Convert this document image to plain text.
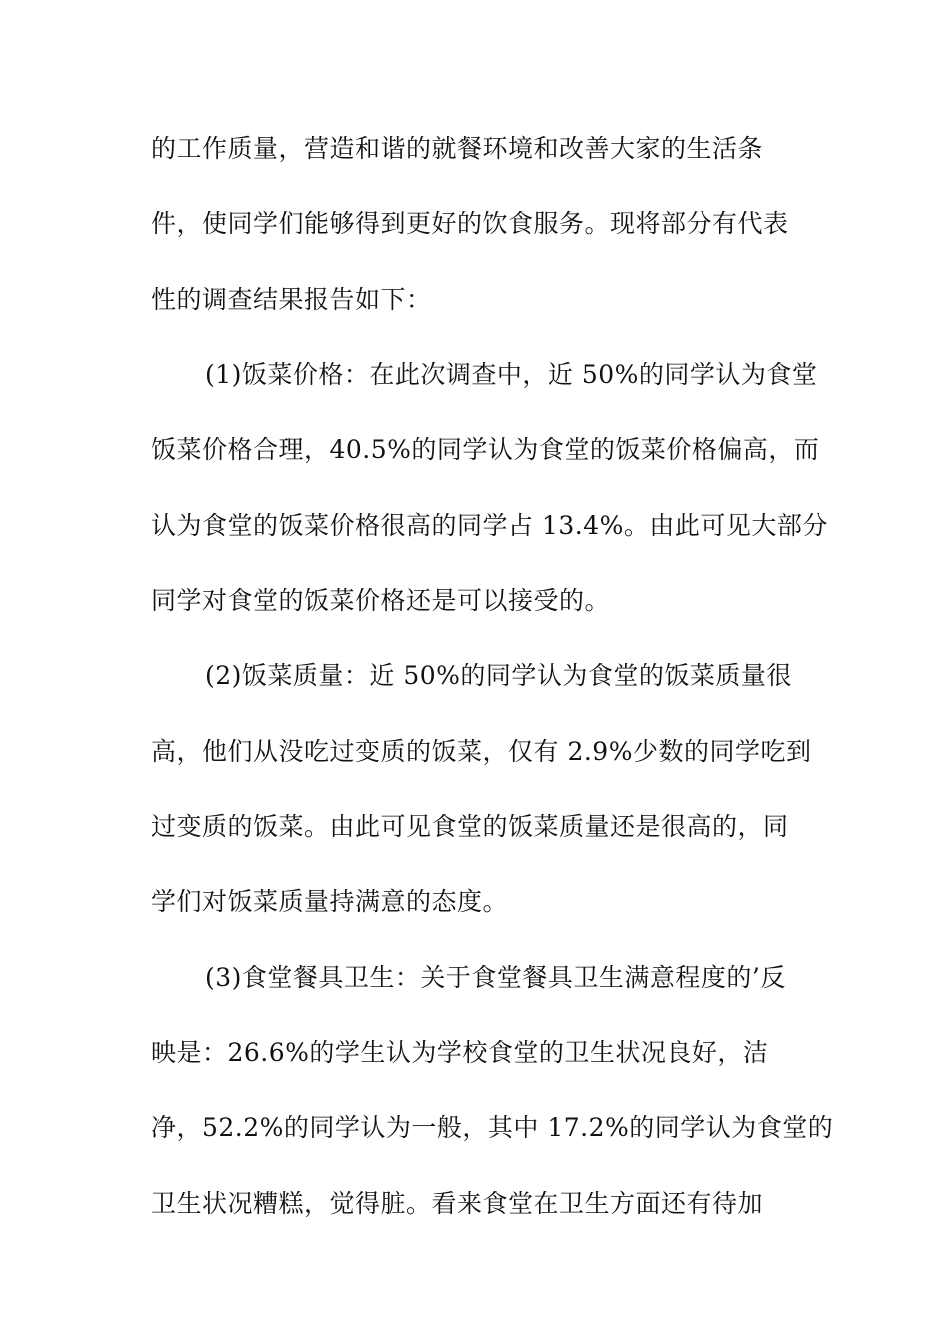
的工作质量，营造和谐的就餐环境和改善大家的生活条
件，使同学们能够得到更好的饮食服务。现将部分有代表
性的调查结果报告如下：
(1)饭菜价格：在此次调查中，近 50%的同学认为食堂
饭菜价格合理，40.5%的同学认为食堂的饭菜价格偏高，而
认为食堂的饭菜价格很高的同学占 13.4%。由此可见大部分
同学对食堂的饭菜价格还是可以接受的。
(2)饭菜质量：近 50%的同学认为食堂的饭菜质量很
高，他们从没吃过变质的饭菜，仅有 2.9%少数的同学吃到
过变质的饭菜。由此可见食堂的饭菜质量还是很高的，同
学们对饭菜质量持满意的态度。
(3)食堂餐具卫生：关于食堂餐具卫生满意程度的’反
映是：26.6%的学生认为学校食堂的卫生状况良好，洁
净，52.2%的同学认为一般，其中 17.2%的同学认为食堂的
卫生状况糟糕，觉得脏。看来食堂在卫生方面还有待加
